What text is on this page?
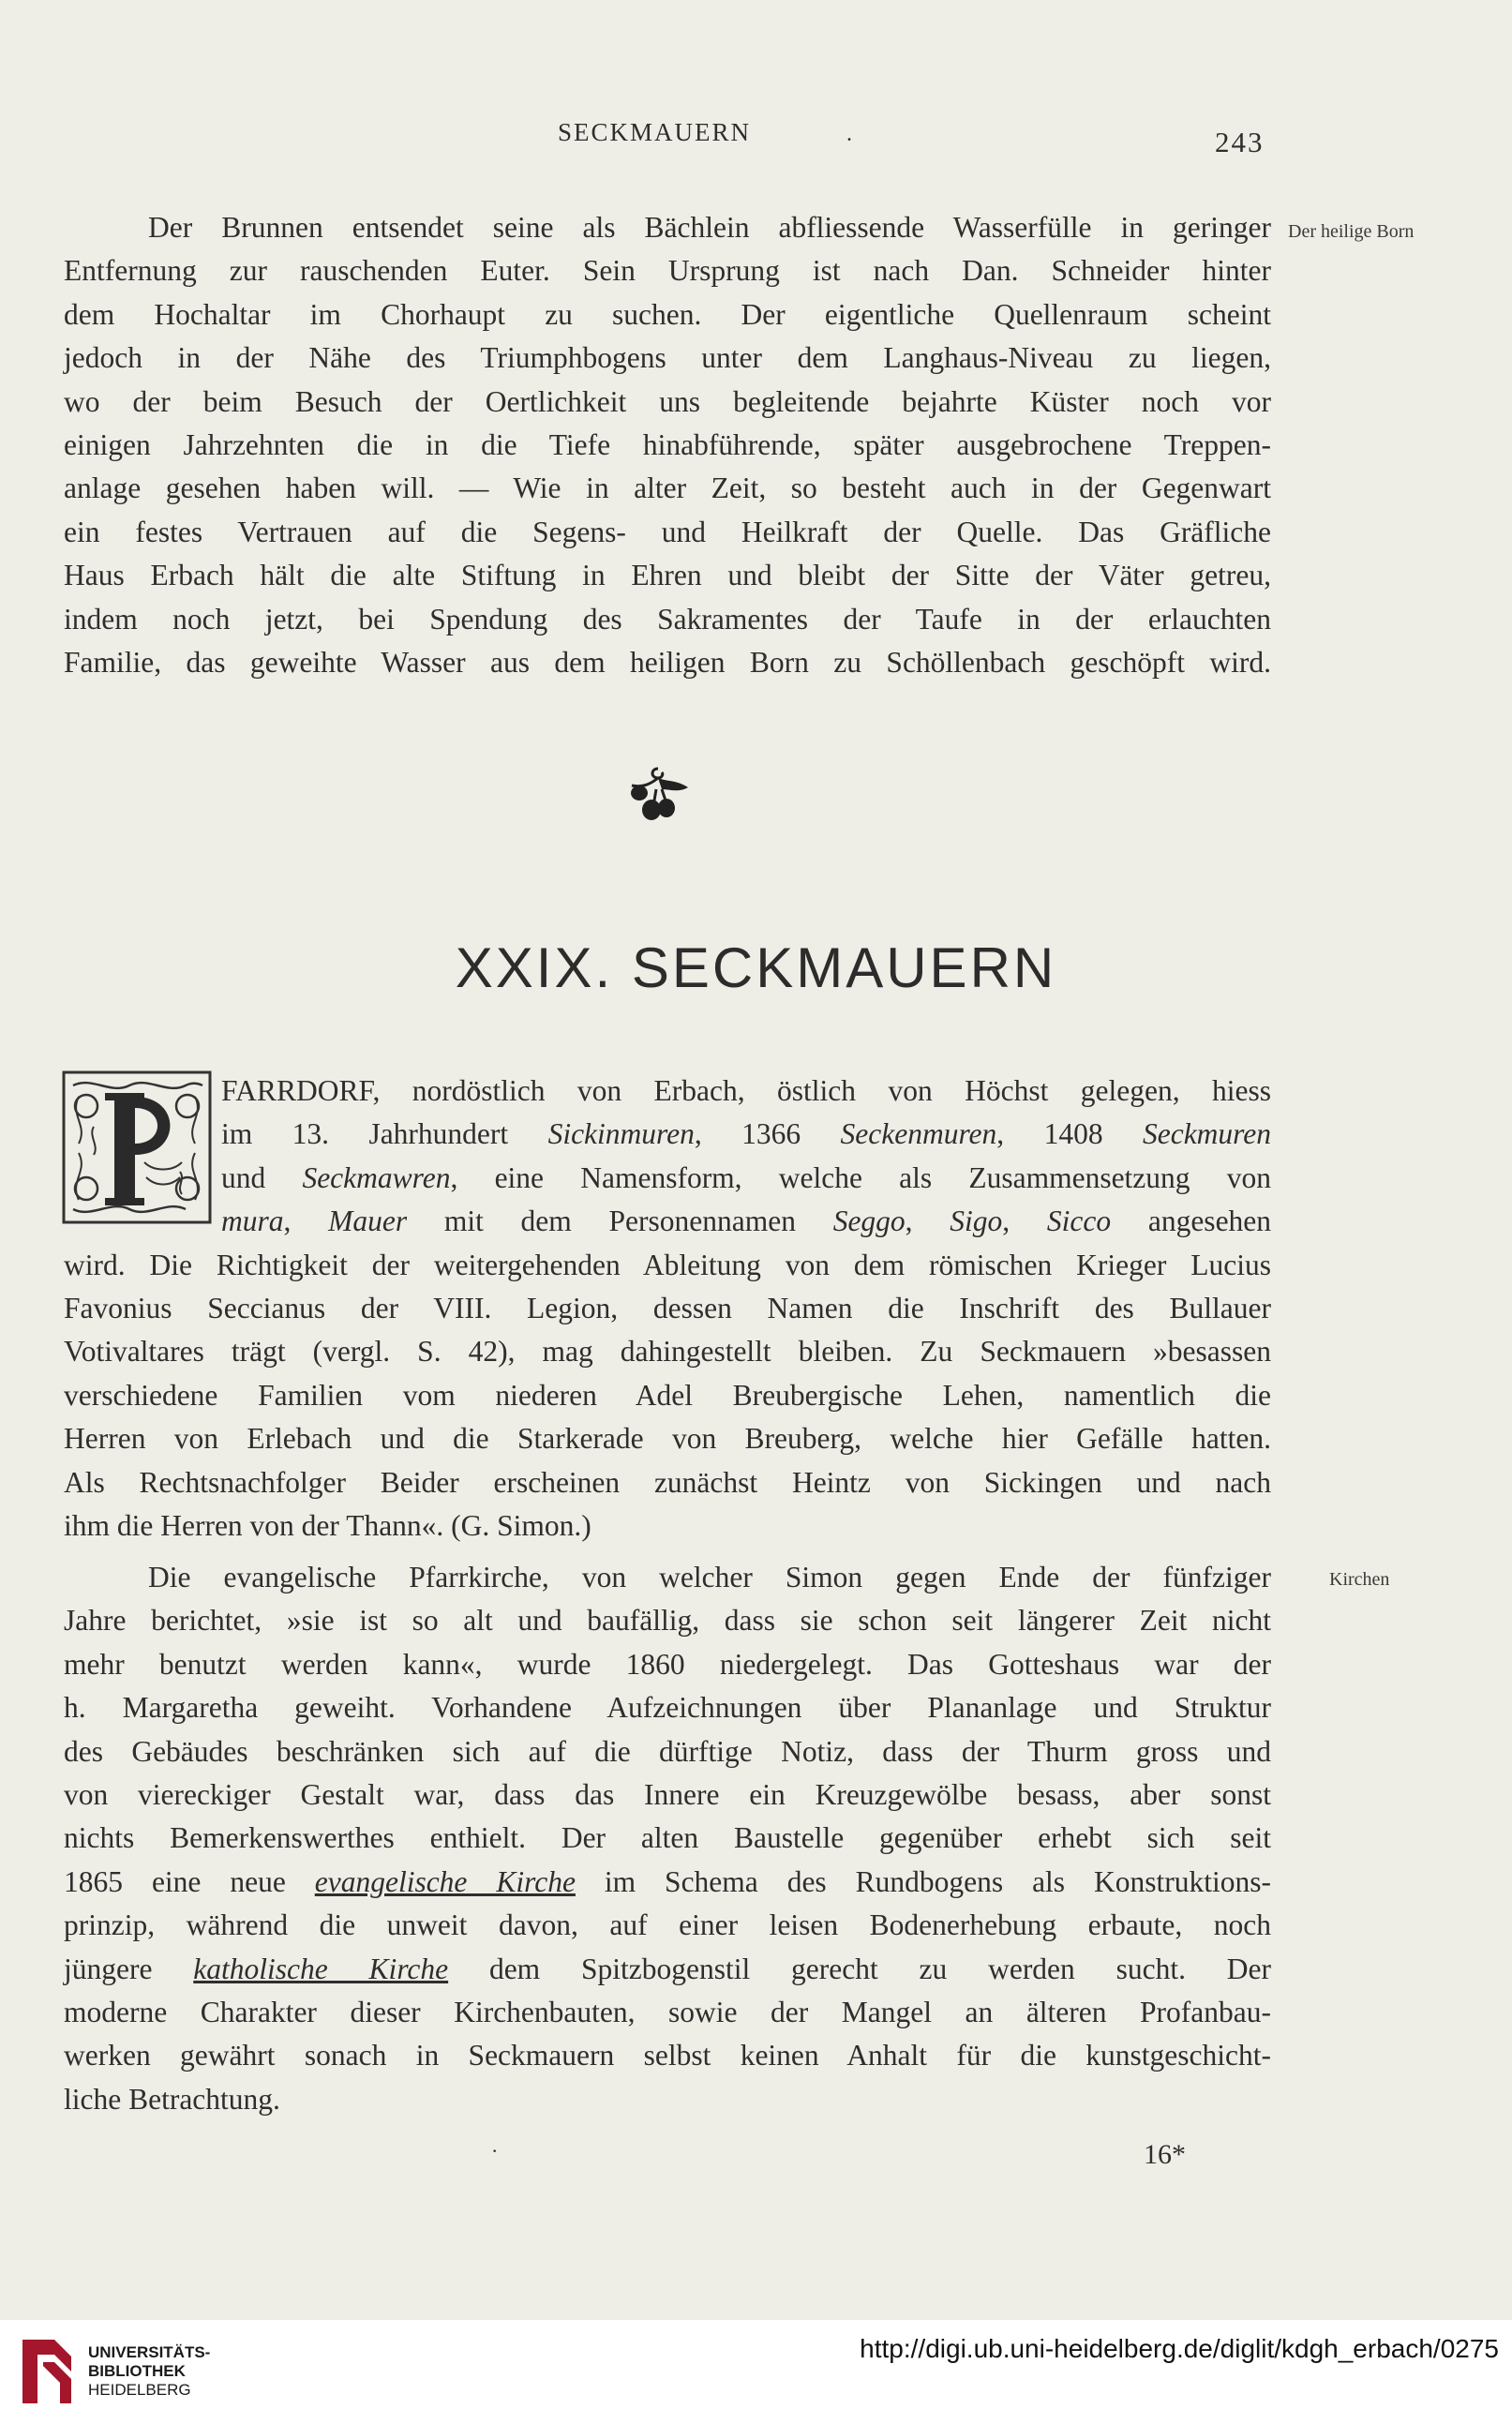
SECKMAUERN	.	243
Der heilige Born
Der Brunnen entsendet seine als Bächlein abfliessende Wasserfülle in geringer
Entfernung zur rauschenden Euter. Sein Ursprung ist nach Dan. Schneider hinter
dem Hochaltar im Chorhaupt zu suchen. Der eigentliche Quellenraum scheint
jedoch in der Nähe des Triumphbogens unter dem Langhaus-Niveau zu liegen,
wo der beim Besuch der Oertlichkeit uns begleitende bejahrte Küster noch vor
einigen Jahrzehnten die in die Tiefe hinabführende, später ausgebrochene Treppen-
anlage gesehen haben will. — Wie in alter Zeit, so besteht auch in der Gegenwart
ein festes Vertrauen auf die Segens- und Heilkraft der Quelle. Das Gräfliche
Haus Erbach hält die alte Stiftung in Ehren und bleibt der Sitte der Väter getreu,
indem noch jetzt, bei Spendung des Sakramentes der Taufe in der erlauchten
Familie, das geweihte Wasser aus dem heiligen Born zu Schöllenbach geschöpft wird.
XXIX. SECKMAUERN
FARRDORF, nordöstlich von Erbach, östlich von Höchst gelegen, hiess
im 13. Jahrhundert Sickinmuren, 1366 Seckenmuren, 1408 Seckmuren
und Seckmawren, eine Namensform, welche als Zusammensetzung von
mura, Mauer mit dem Personennamen Seggo, Sigo, Sicco angesehen
wird. Die Richtigkeit der weitergehenden Ableitung von dem römischen Krieger Lucius
Favonius Seccianus der VIII. Legion, dessen Namen die Inschrift des Bullauer
Votivaltares trägt (vergl. S. 42), mag dahingestellt bleiben. Zu Seckmauern »besassen
verschiedene Familien vom niederen Adel Breubergische Lehen, namentlich die
Herren von Erlebach und die Starkerade von Breuberg, welche hier Gefälle hatten.
Als Rechtsnachfolger Beider erscheinen zunächst Heintz von Sickingen und nach
ihm die Herren von der Thann«. (G. Simon.)
Kirchen
Die evangelische Pfarrkirche, von welcher Simon gegen Ende der fünfziger
Jahre berichtet, »sie ist so alt und baufällig, dass sie schon seit längerer Zeit nicht
mehr benutzt werden kann«, wurde 1860 niedergelegt. Das Gotteshaus war der
h. Margaretha geweiht. Vorhandene Aufzeichnungen über Plananlage und Struktur
des Gebäudes beschränken sich auf die dürftige Notiz, dass der Thurm gross und
von viereckiger Gestalt war, dass das Innere ein Kreuzgewölbe besass, aber sonst
nichts Bemerkenswerthes enthielt. Der alten Baustelle gegenüber erhebt sich seit
1865 eine neue evangelische Kirche im Schema des Rundbogens als Konstruktions-
prinzip, während die unweit davon, auf einer leisen Bodenerhebung erbaute, noch
jüngere katholische Kirche dem Spitzbogenstil gerecht zu werden sucht. Der
moderne Charakter dieser Kirchenbauten, sowie der Mangel an älteren Profanbau-
werken gewährt sonach in Seckmauern selbst keinen Anhalt für die kunstgeschicht-
liche Betrachtung.
·	16*
UNIVERSITÄTS-
BIBLIOTHEK
HEIDELBERG
http://digi.ub.uni-heidelberg.de/diglit/kdgh_erbach/0275
